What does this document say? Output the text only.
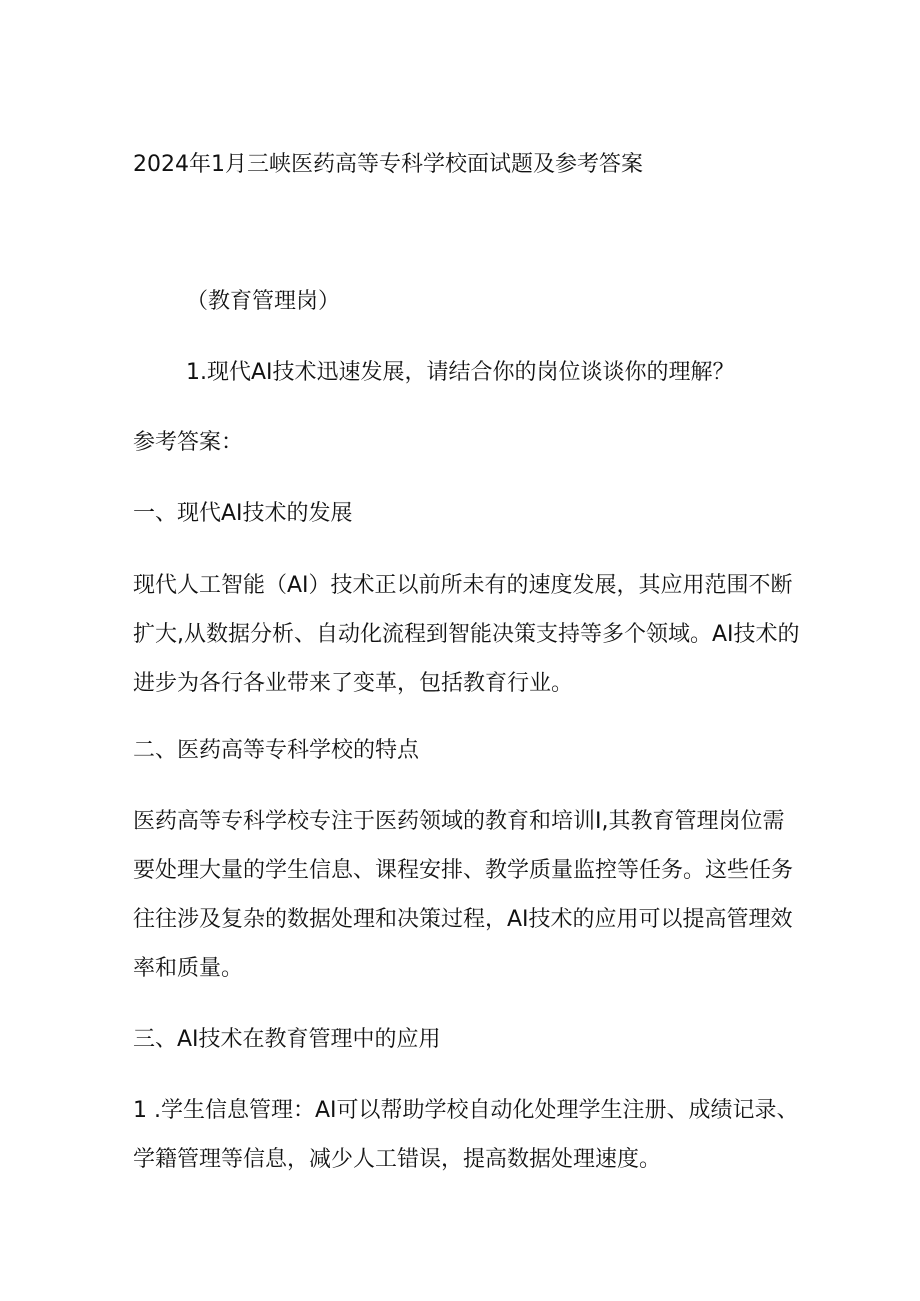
2024年1月三峡医药高等专科学校面试题及参考答案
（教育管理岗）
1.现代AI技术迅速发展，请结合你的岗位谈谈你的理解？
参考答案：
一、现代AI技术的发展
现代人工智能（AI）技术正以前所未有的速度发展，其应用范围不断扩大,从数据分析、自动化流程到智能决策支持等多个领域。AI技术的进步为各行各业带来了变革，包括教育行业。
二、医药高等专科学校的特点
医药高等专科学校专注于医药领域的教育和培训I,其教育管理岗位需要处理大量的学生信息、课程安排、教学质量监控等任务。这些任务往往涉及复杂的数据处理和决策过程，AI技术的应用可以提高管理效率和质量。
三、AI技术在教育管理中的应用
1 .学生信息管理：AI可以帮助学校自动化处理学生注册、成绩记录、学籍管理等信息，减少人工错误，提高数据处理速度。
